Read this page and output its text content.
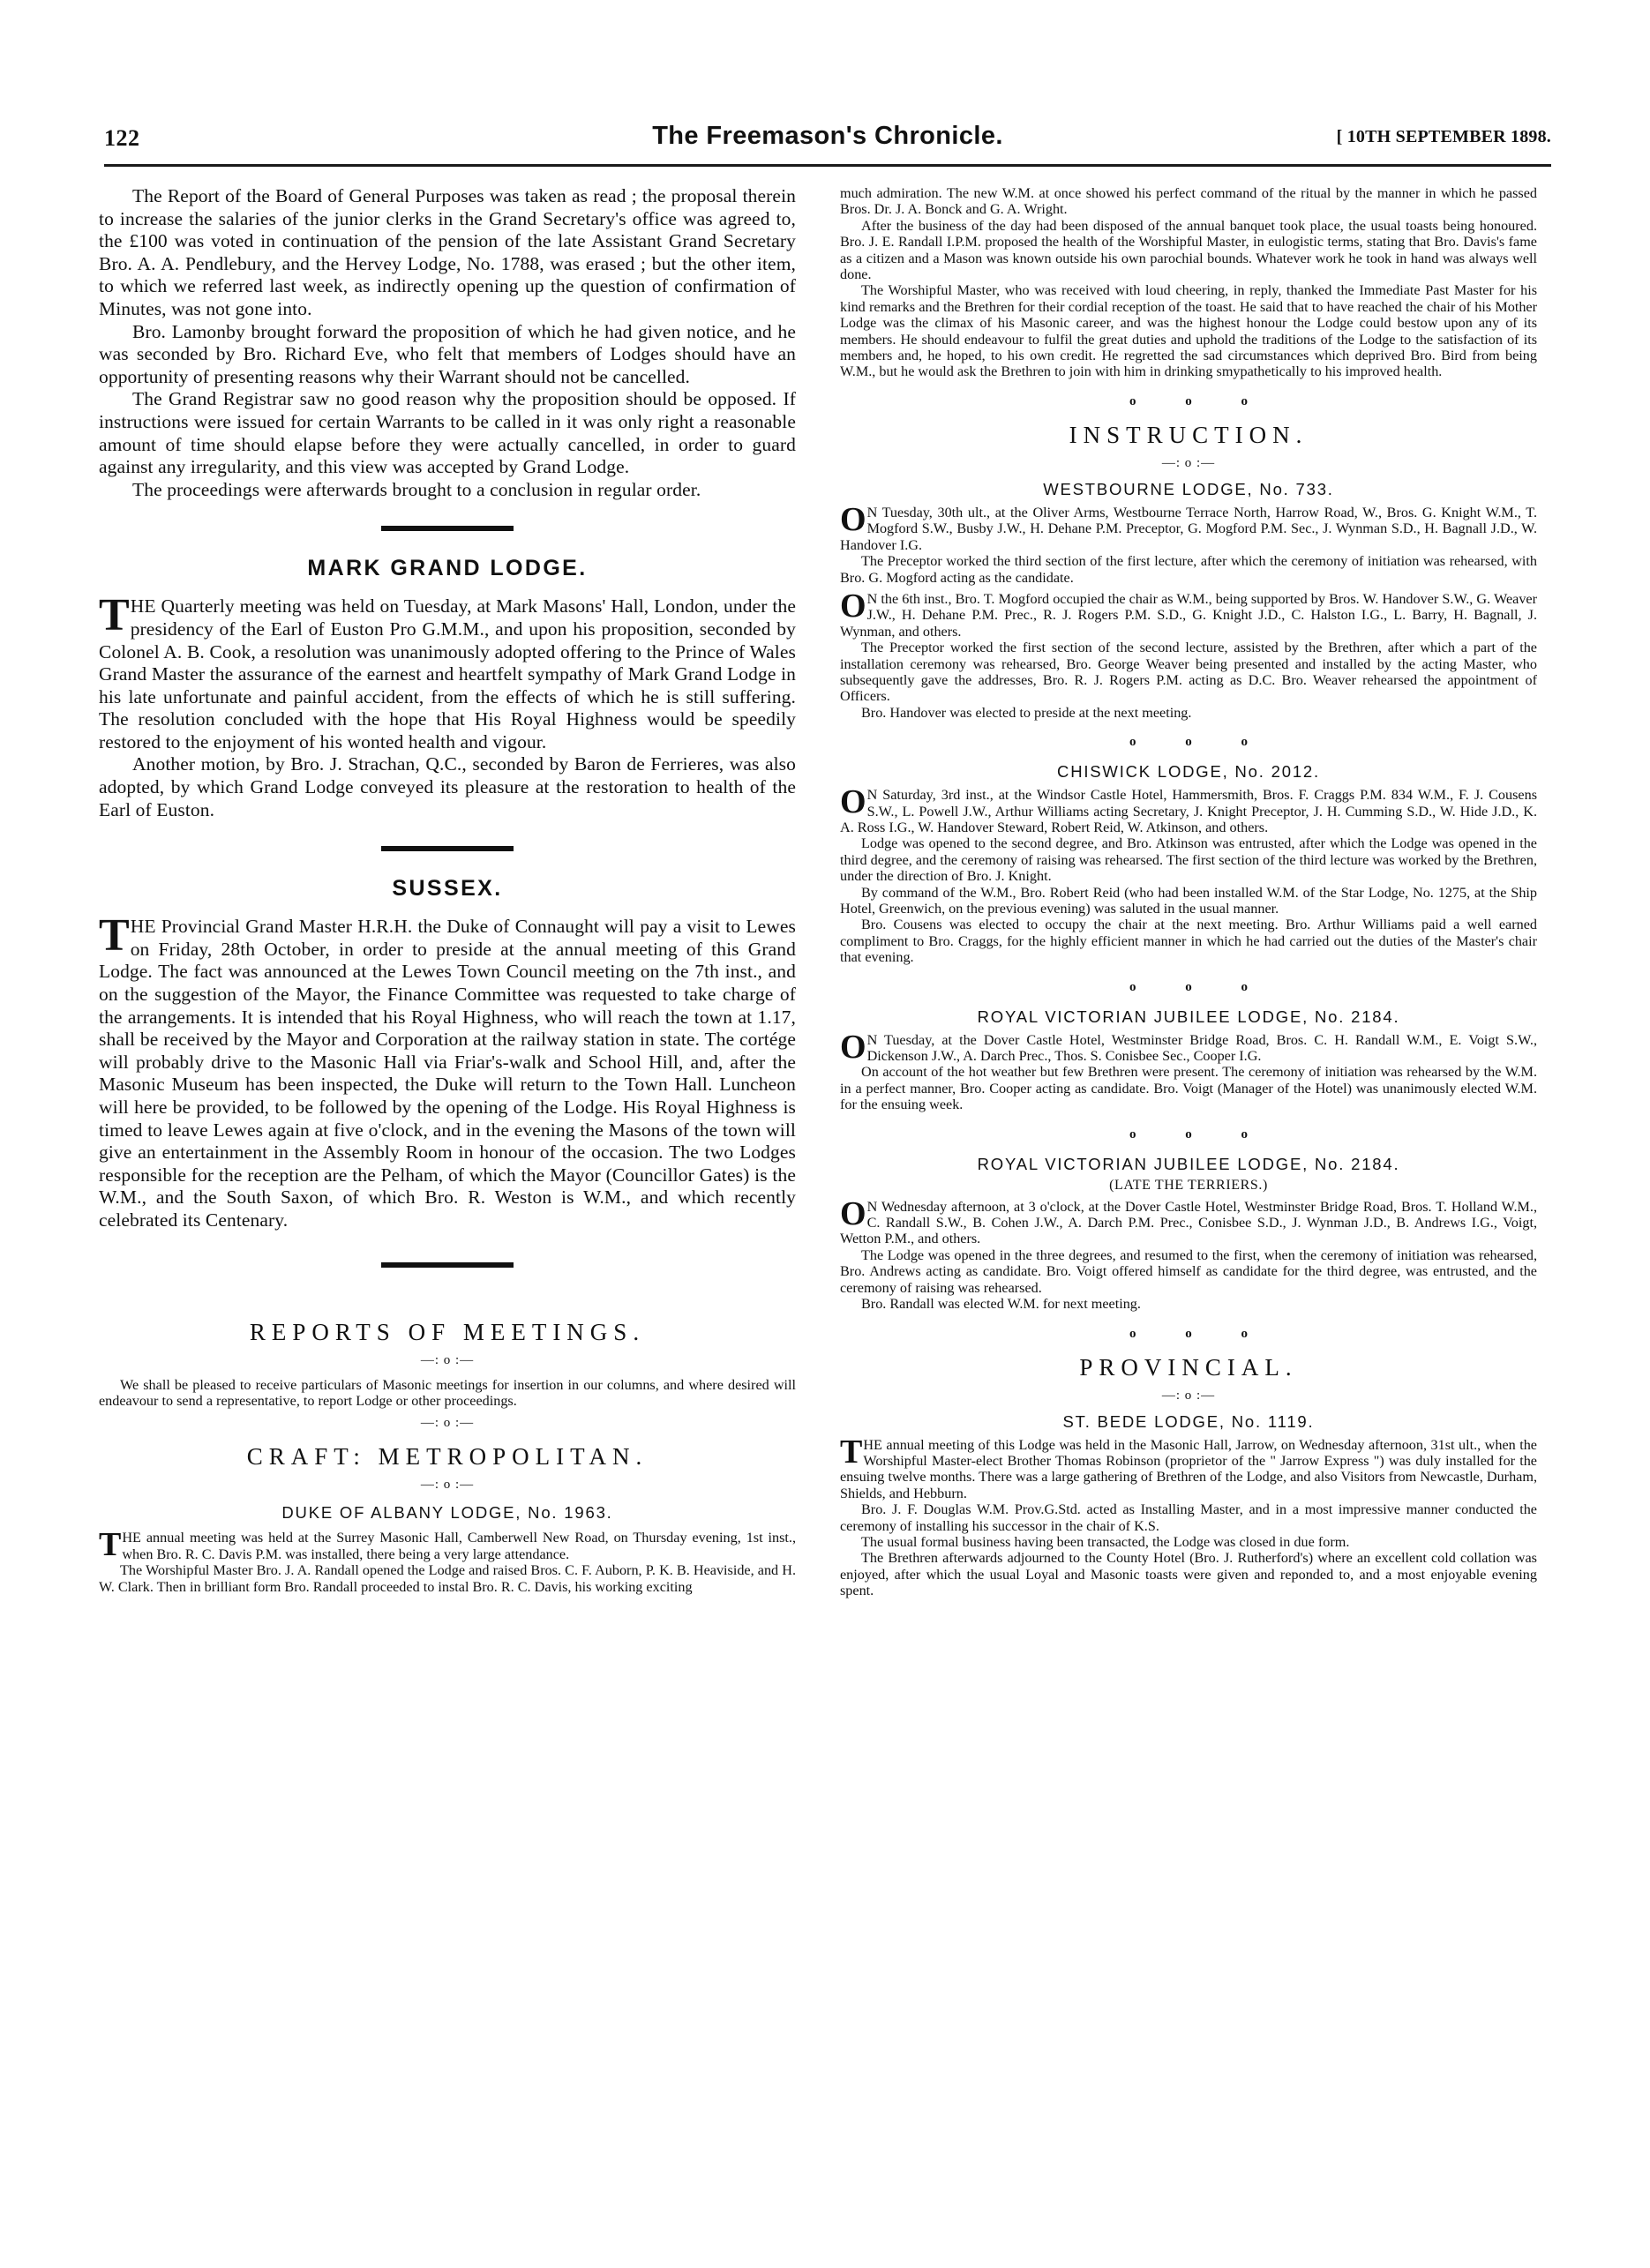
122	The Freemason's Chronicle.	[ 10TH SEPTEMBER 1898.

The Report of the Board of General Purposes was taken as read ; the proposal therein to increase the salaries of the junior clerks in the Grand Secretary's office was agreed to, the £100 was voted in continuation of the pension of the late Assistant Grand Secretary Bro. A. A. Pendlebury, and the Hervey Lodge, No. 1788, was erased ; but the other item, to which we referred last week, as indirectly opening up the question of confirmation of Minutes, was not gone into.

Bro. Lamonby brought forward the proposition of which he had given notice, and he was seconded by Bro. Richard Eve, who felt that members of Lodges should have an opportunity of presenting reasons why their Warrant should not be cancelled.

The Grand Registrar saw no good reason why the proposition should be opposed. If instructions were issued for certain Warrants to be called in it was only right a reasonable amount of time should elapse before they were actually cancelled, in order to guard against any irregularity, and this view was accepted by Grand Lodge.

The proceedings were afterwards brought to a conclusion in regular order.

MARK GRAND LODGE.
T HE Quarterly meeting was held on Tuesday, at Mark Masons' Hall, London, under the presidency of the Earl of Euston Pro G.M.M., and upon his proposition, seconded by Colonel A. B. Cook, a resolution was unanimously adopted offering to the Prince of Wales Grand Master the assurance of the earnest and heartfelt sympathy of Mark Grand Lodge in his late unfortunate and painful accident, from the effects of which he is still suffering. The resolution concluded with the hope that His Royal Highness would be speedily restored to the enjoyment of his wonted health and vigour.

Another motion, by Bro. J. Strachan, Q.C., seconded by Baron de Ferrieres, was also adopted, by which Grand Lodge conveyed its pleasure at the restoration to health of the Earl of Euston.

SUSSEX.
T HE Provincial Grand Master H.R.H. the Duke of Connaught will pay a visit to Lewes on Friday, 28th October, in order to preside at the annual meeting of this Grand Lodge. The fact was announced at the Lewes Town Council meeting on the 7th inst., and on the suggestion of the Mayor, the Finance Committee was requested to take charge of the arrangements. It is intended that his Royal Highness, who will reach the town at 1.17, shall be received by the Mayor and Corporation at the railway station in state. The cortége will probably drive to the Masonic Hall via Friar's-walk and School Hill, and, after the Masonic Museum has been inspected, the Duke will return to the Town Hall. Luncheon will here be provided, to be followed by the opening of the Lodge. His Royal Highness is timed to leave Lewes again at five o'clock, and in the evening the Masons of the town will give an entertainment in the Assembly Room in honour of the occasion. The two Lodges responsible for the reception are the Pelham, of which the Mayor (Councillor Gates) is the W.M., and the South Saxon, of which Bro. R. Weston is W.M., and which recently celebrated its Centenary.

REPORTS OF MEETINGS.
—: o :—

We shall be pleased to receive particulars of Masonic meetings for insertion in our columns, and where desired will endeavour to send a representative, to report Lodge or other proceedings.

—: o :—
CRAFT: METROPOLITAN.
—: o :—
DUKE OF ALBANY LODGE, No. 1963.
T HE annual meeting was held at the Surrey Masonic Hall, Camberwell New Road, on Thursday evening, 1st inst., when Bro. R. C. Davis P.M. was installed, there being a very large attendance.

The Worshipful Master Bro. J. A. Randall opened the Lodge and raised Bros. C. F. Auborn, P. K. B. Heaviside, and H. W. Clark. Then in brilliant form Bro. Randall proceeded to instal Bro. R. C. Davis, his working exciting

much admiration. The new W.M. at once showed his perfect command of the ritual by the manner in which he passed Bros. Dr. J. A. Bonck and G. A. Wright.

After the business of the day had been disposed of the annual banquet took place, the usual toasts being honoured. Bro. J. E. Randall I.P.M. proposed the health of the Worshipful Master, in eulogistic terms, stating that Bro. Davis's fame as a citizen and a Mason was known outside his own parochial bounds. Whatever work he took in hand was always well done.

The Worshipful Master, who was received with loud cheering, in reply, thanked the Immediate Past Master for his kind remarks and the Brethren for their cordial reception of the toast. He said that to have reached the chair of his Mother Lodge was the climax of his Masonic career, and was the highest honour the Lodge could bestow upon any of its members. He should endeavour to fulfil the great duties and uphold the traditions of the Lodge to the satisfaction of its members and, he hoped, to his own credit. He regretted the sad circumstances which deprived Bro. Bird from being W.M., but he would ask the Brethren to join with him in drinking smypathetically to his improved health.

o o o
INSTRUCTION.
—: o :—
WESTBOURNE LODGE, No. 733.
O N Tuesday, 30th ult., at the Oliver Arms, Westbourne Terrace North, Harrow Road, W., Bros. G. Knight W.M., T. Mogford S.W., Busby J.W., H. Dehane P.M. Preceptor, G. Mogford P.M. Sec., J. Wynman S.D., H. Bagnall J.D., W. Handover I.G.

The Preceptor worked the third section of the first lecture, after which the ceremony of initiation was rehearsed, with Bro. G. Mogford acting as the candidate.

O N the 6th inst., Bro. T. Mogford occupied the chair as W.M., being supported by Bros. W. Handover S.W., G. Weaver J.W., H. Dehane P.M. Prec., R. J. Rogers P.M. S.D., G. Knight J.D., C. Halston I.G., L. Barry, H. Bagnall, J. Wynman, and others.

The Preceptor worked the first section of the second lecture, assisted by the Brethren, after which a part of the installation ceremony was rehearsed, Bro. George Weaver being presented and installed by the acting Master, who subsequently gave the addresses, Bro. R. J. Rogers P.M. acting as D.C. Bro. Weaver rehearsed the appointment of Officers.

Bro. Handover was elected to preside at the next meeting.

o o o
CHISWICK LODGE, No. 2012.
O N Saturday, 3rd inst., at the Windsor Castle Hotel, Hammersmith, Bros. F. Craggs P.M. 834 W.M., F. J. Cousens S.W., L. Powell J.W., Arthur Williams acting Secretary, J. Knight Preceptor, J. H. Cumming S.D., W. Hide J.D., K. A. Ross I.G., W. Handover Steward, Robert Reid, W. Atkinson, and others.

Lodge was opened to the second degree, and Bro. Atkinson was entrusted, after which the Lodge was opened in the third degree, and the ceremony of raising was rehearsed. The first section of the third lecture was worked by the Brethren, under the direction of Bro. J. Knight.

By command of the W.M., Bro. Robert Reid (who had been installed W.M. of the Star Lodge, No. 1275, at the Ship Hotel, Greenwich, on the previous evening) was saluted in the usual manner.

Bro. Cousens was elected to occupy the chair at the next meeting. Bro. Arthur Williams paid a well earned compliment to Bro. Craggs, for the highly efficient manner in which he had carried out the duties of the Master's chair that evening.

o o o
ROYAL VICTORIAN JUBILEE LODGE, No. 2184.
O N Tuesday, at the Dover Castle Hotel, Westminster Bridge Road, Bros. C. H. Randall W.M., E. Voigt S.W., Dickenson J.W., A. Darch Prec., Thos. S. Conisbee Sec., Cooper I.G.

On account of the hot weather but few Brethren were present. The ceremony of initiation was rehearsed by the W.M. in a perfect manner, Bro. Cooper acting as candidate. Bro. Voigt (Manager of the Hotel) was unanimously elected W.M. for the ensuing week.

o o o
ROYAL VICTORIAN JUBILEE LODGE, No. 2184.
(LATE THE TERRIERS.)
O N Wednesday afternoon, at 3 o'clock, at the Dover Castle Hotel, Westminster Bridge Road, Bros. T. Holland W.M., C. Randall S.W., B. Cohen J.W., A. Darch P.M. Prec., Conisbee S.D., J. Wynman J.D., B. Andrews I.G., Voigt, Wetton P.M., and others.

The Lodge was opened in the three degrees, and resumed to the first, when the ceremony of initiation was rehearsed, Bro. Andrews acting as candidate. Bro. Voigt offered himself as candidate for the third degree, was entrusted, and the ceremony of raising was rehearsed.

Bro. Randall was elected W.M. for next meeting.

o o o
PROVINCIAL.
—: o :—
ST. BEDE LODGE, No. 1119.
T HE annual meeting of this Lodge was held in the Masonic Hall, Jarrow, on Wednesday afternoon, 31st ult., when the Worshipful Master-elect Brother Thomas Robinson (proprietor of the " Jarrow Express ") was duly installed for the ensuing twelve months. There was a large gathering of Brethren of the Lodge, and also Visitors from Newcastle, Durham, Shields, and Hebburn.

Bro. J. F. Douglas W.M. Prov.G.Std. acted as Installing Master, and in a most impressive manner conducted the ceremony of installing his successor in the chair of K.S.

The usual formal business having been transacted, the Lodge was closed in due form.

The Brethren afterwards adjourned to the County Hotel (Bro. J. Rutherford's) where an excellent cold collation was enjoyed, after which the usual Loyal and Masonic toasts were given and reponded to, and a most enjoyable evening spent.
